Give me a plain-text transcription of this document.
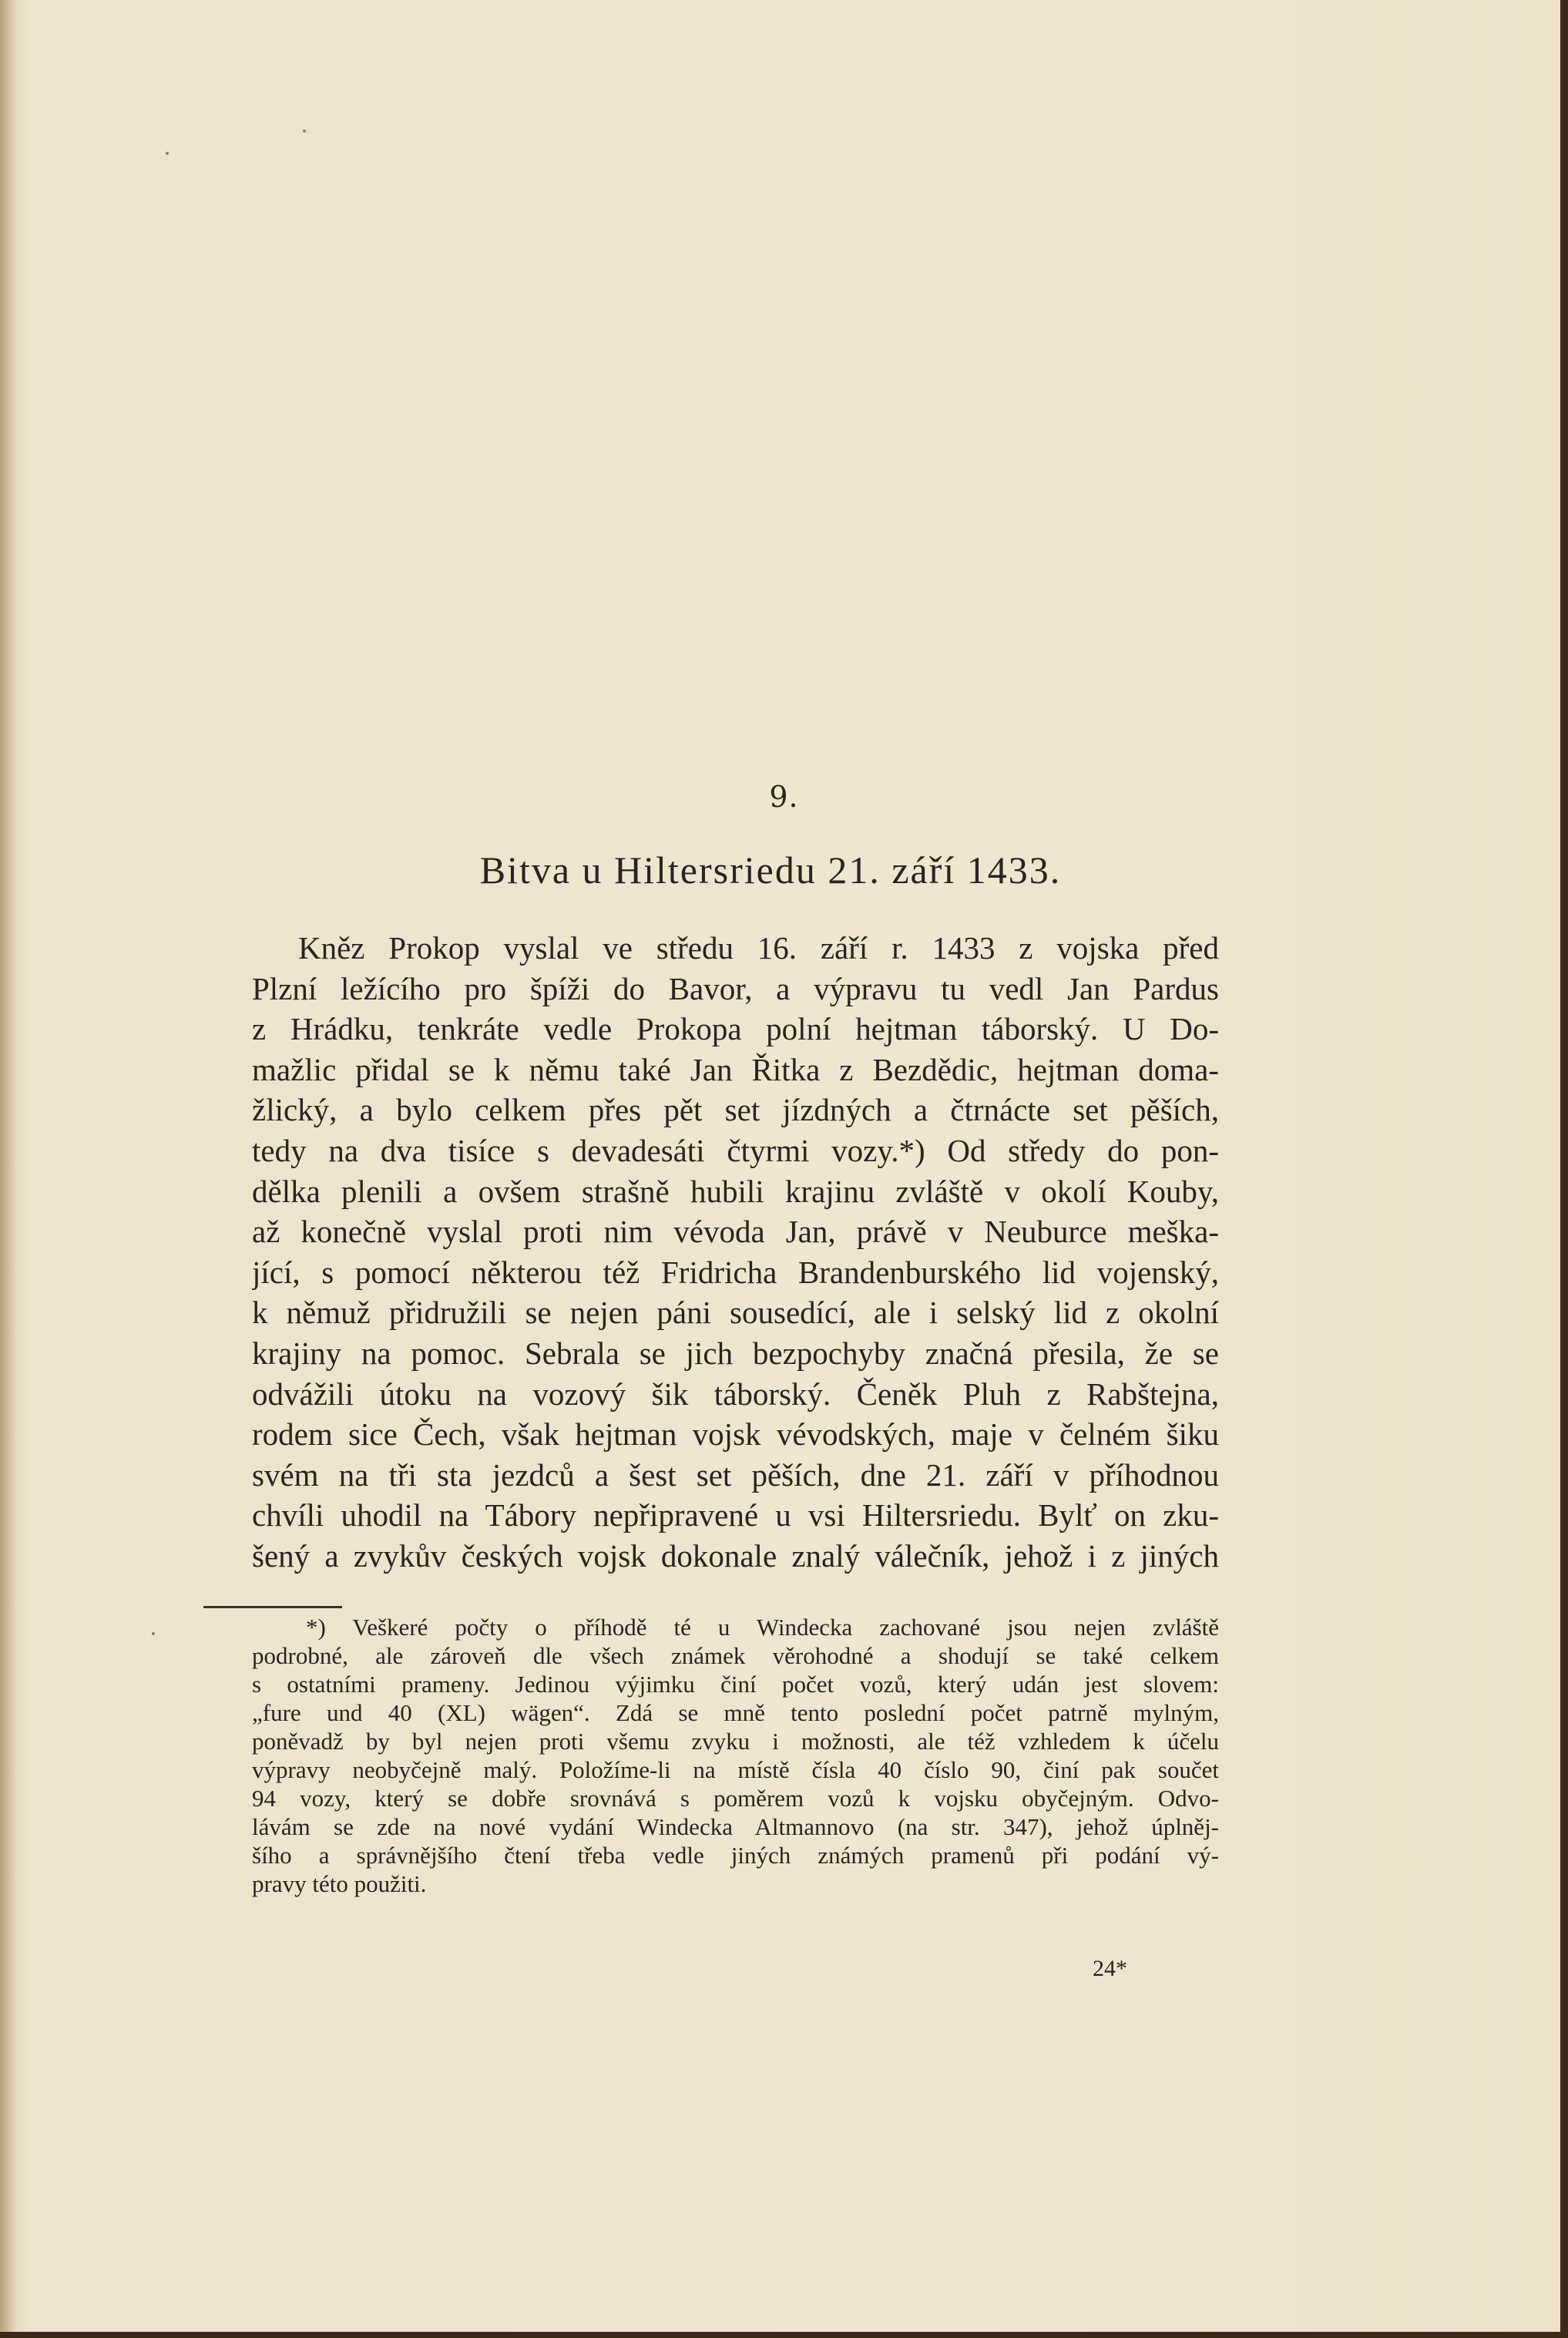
9.
Bitva u Hiltersriedu 21. září 1433.
Kněz Prokop vyslal ve středu 16. září r. 1433 z vojska před
Plzní ležícího pro špíži do Bavor, a výpravu tu vedl Jan Pardus
z Hrádku, tenkráte vedle Prokopa polní hejtman táborský. U Do-
mažlic přidal se k němu také Jan Řitka z Bezdědic, hejtman doma-
žlický, a bylo celkem přes pět set jízdných a čtrnácte set pěších,
tedy na dva tisíce s devadesáti čtyrmi vozy.*) Od středy do pon-
dělka plenili a ovšem strašně hubili krajinu zvláště v okolí Kouby,
až konečně vyslal proti nim vévoda Jan, právě v Neuburce meška-
jící, s pomocí některou též Fridricha Brandenburského lid vojenský,
k němuž přidružili se nejen páni sousedící, ale i selský lid z okolní
krajiny na pomoc. Sebrala se jich bezpochyby značná přesila, že se
odvážili útoku na vozový šik táborský. Čeněk Pluh z Rabštejna,
rodem sice Čech, však hejtman vojsk vévodských, maje v čelném šiku
svém na tři sta jezdců a šest set pěších, dne 21. září v příhodnou
chvíli uhodil na Tábory nepřipravené u vsi Hiltersriedu. Bylť on zku-
šený a zvykův českých vojsk dokonale znalý válečník, jehož i z jiných
*) Veškeré počty o příhodě té u Windecka zachované jsou nejen zvláště
podrobné, ale zároveň dle všech známek věrohodné a shodují se také celkem
s ostatními prameny. Jedinou výjimku činí počet vozů, který udán jest slovem:
„fure und 40 (XL) wägen“. Zdá se mně tento poslední počet patrně mylným,
poněvadž by byl nejen proti všemu zvyku i možnosti, ale též vzhledem k účelu
výpravy neobyčejně malý. Položíme-li na místě čísla 40 číslo 90, činí pak součet
94 vozy, který se dobře srovnává s poměrem vozů k vojsku obyčejným. Odvo-
lávám se zde na nové vydání Windecka Altmannovo (na str. 347), jehož úplněj-
šího a správnějšího čtení třeba vedle jiných známých pramenů při podání vý-
pravy této použiti.
24*
